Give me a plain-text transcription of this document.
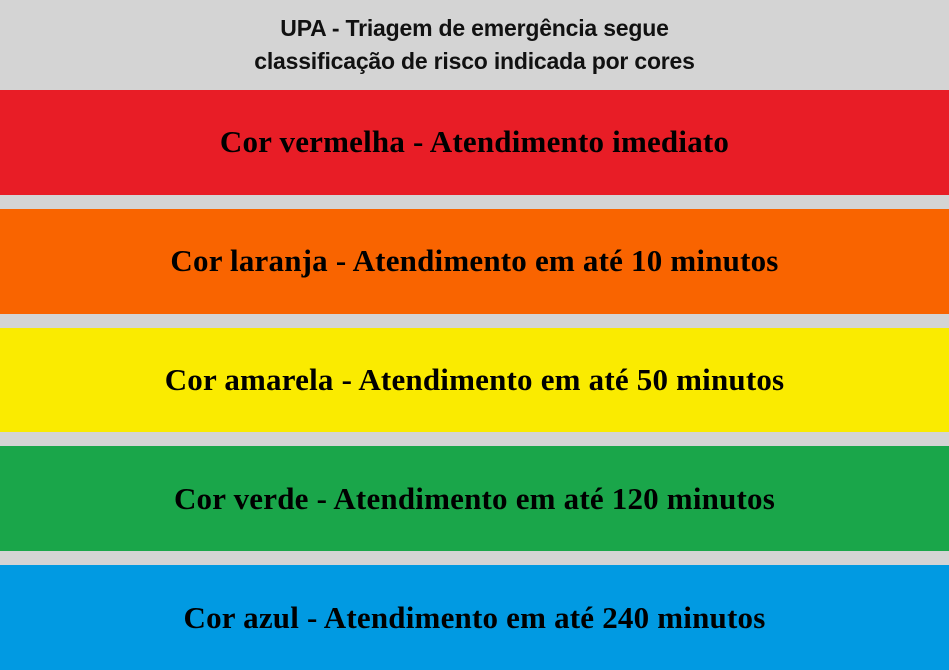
UPA - Triagem de emergência segue
classificação de risco indicada por cores
Cor vermelha - Atendimento imediato
Cor laranja - Atendimento em até 10 minutos
Cor amarela - Atendimento em até 50 minutos
Cor verde - Atendimento em até 120 minutos
Cor azul - Atendimento em até 240 minutos
